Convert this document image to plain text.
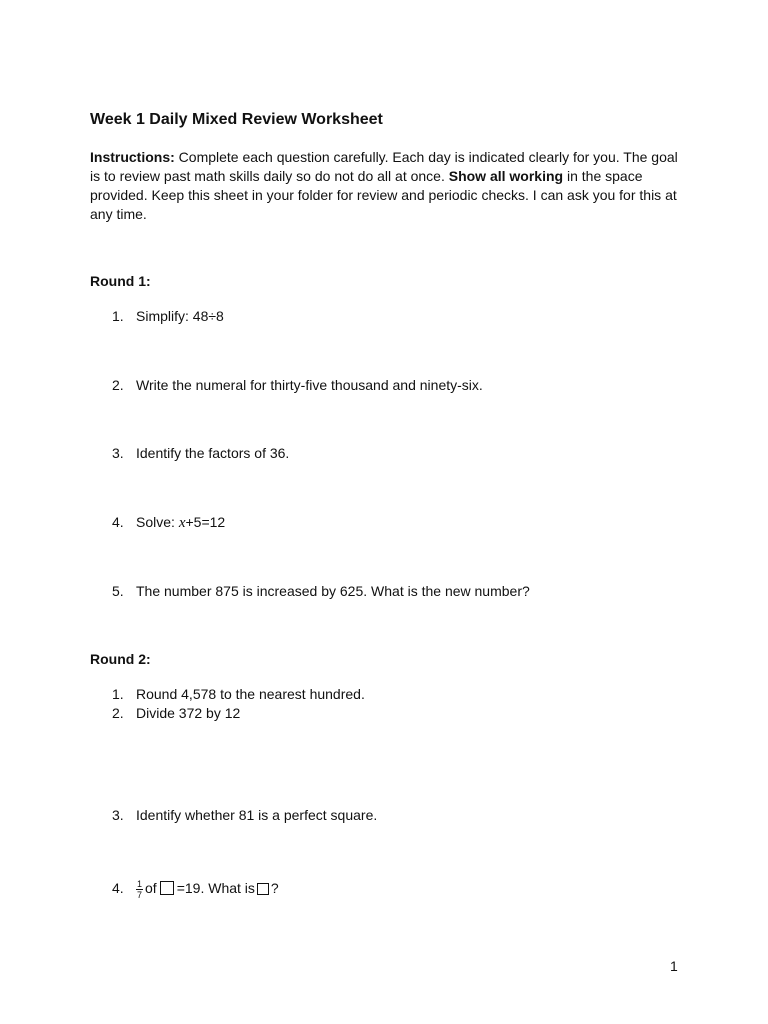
Week 1 Daily Mixed Review Worksheet

Instructions: Complete each question carefully. Each day is indicated clearly for you. The goal is to review past math skills daily so do not do all at once. Show all working in the space provided. Keep this sheet in your folder for review and periodic checks. I can ask you for this at any time.

Round 1:
1. Simplify: 48÷8
2. Write the numeral for thirty-five thousand and ninety-six.
3. Identify the factors of 36.
4. Solve: x+5=12
5. The number 875 is increased by 625. What is the new number?
Round 2:
1. Round 4,578 to the nearest hundred.
2. Divide 372 by 12
3. Identify whether 81 is a perfect square.
4. $\frac{1}{7}$ of =19. What is ?
1
